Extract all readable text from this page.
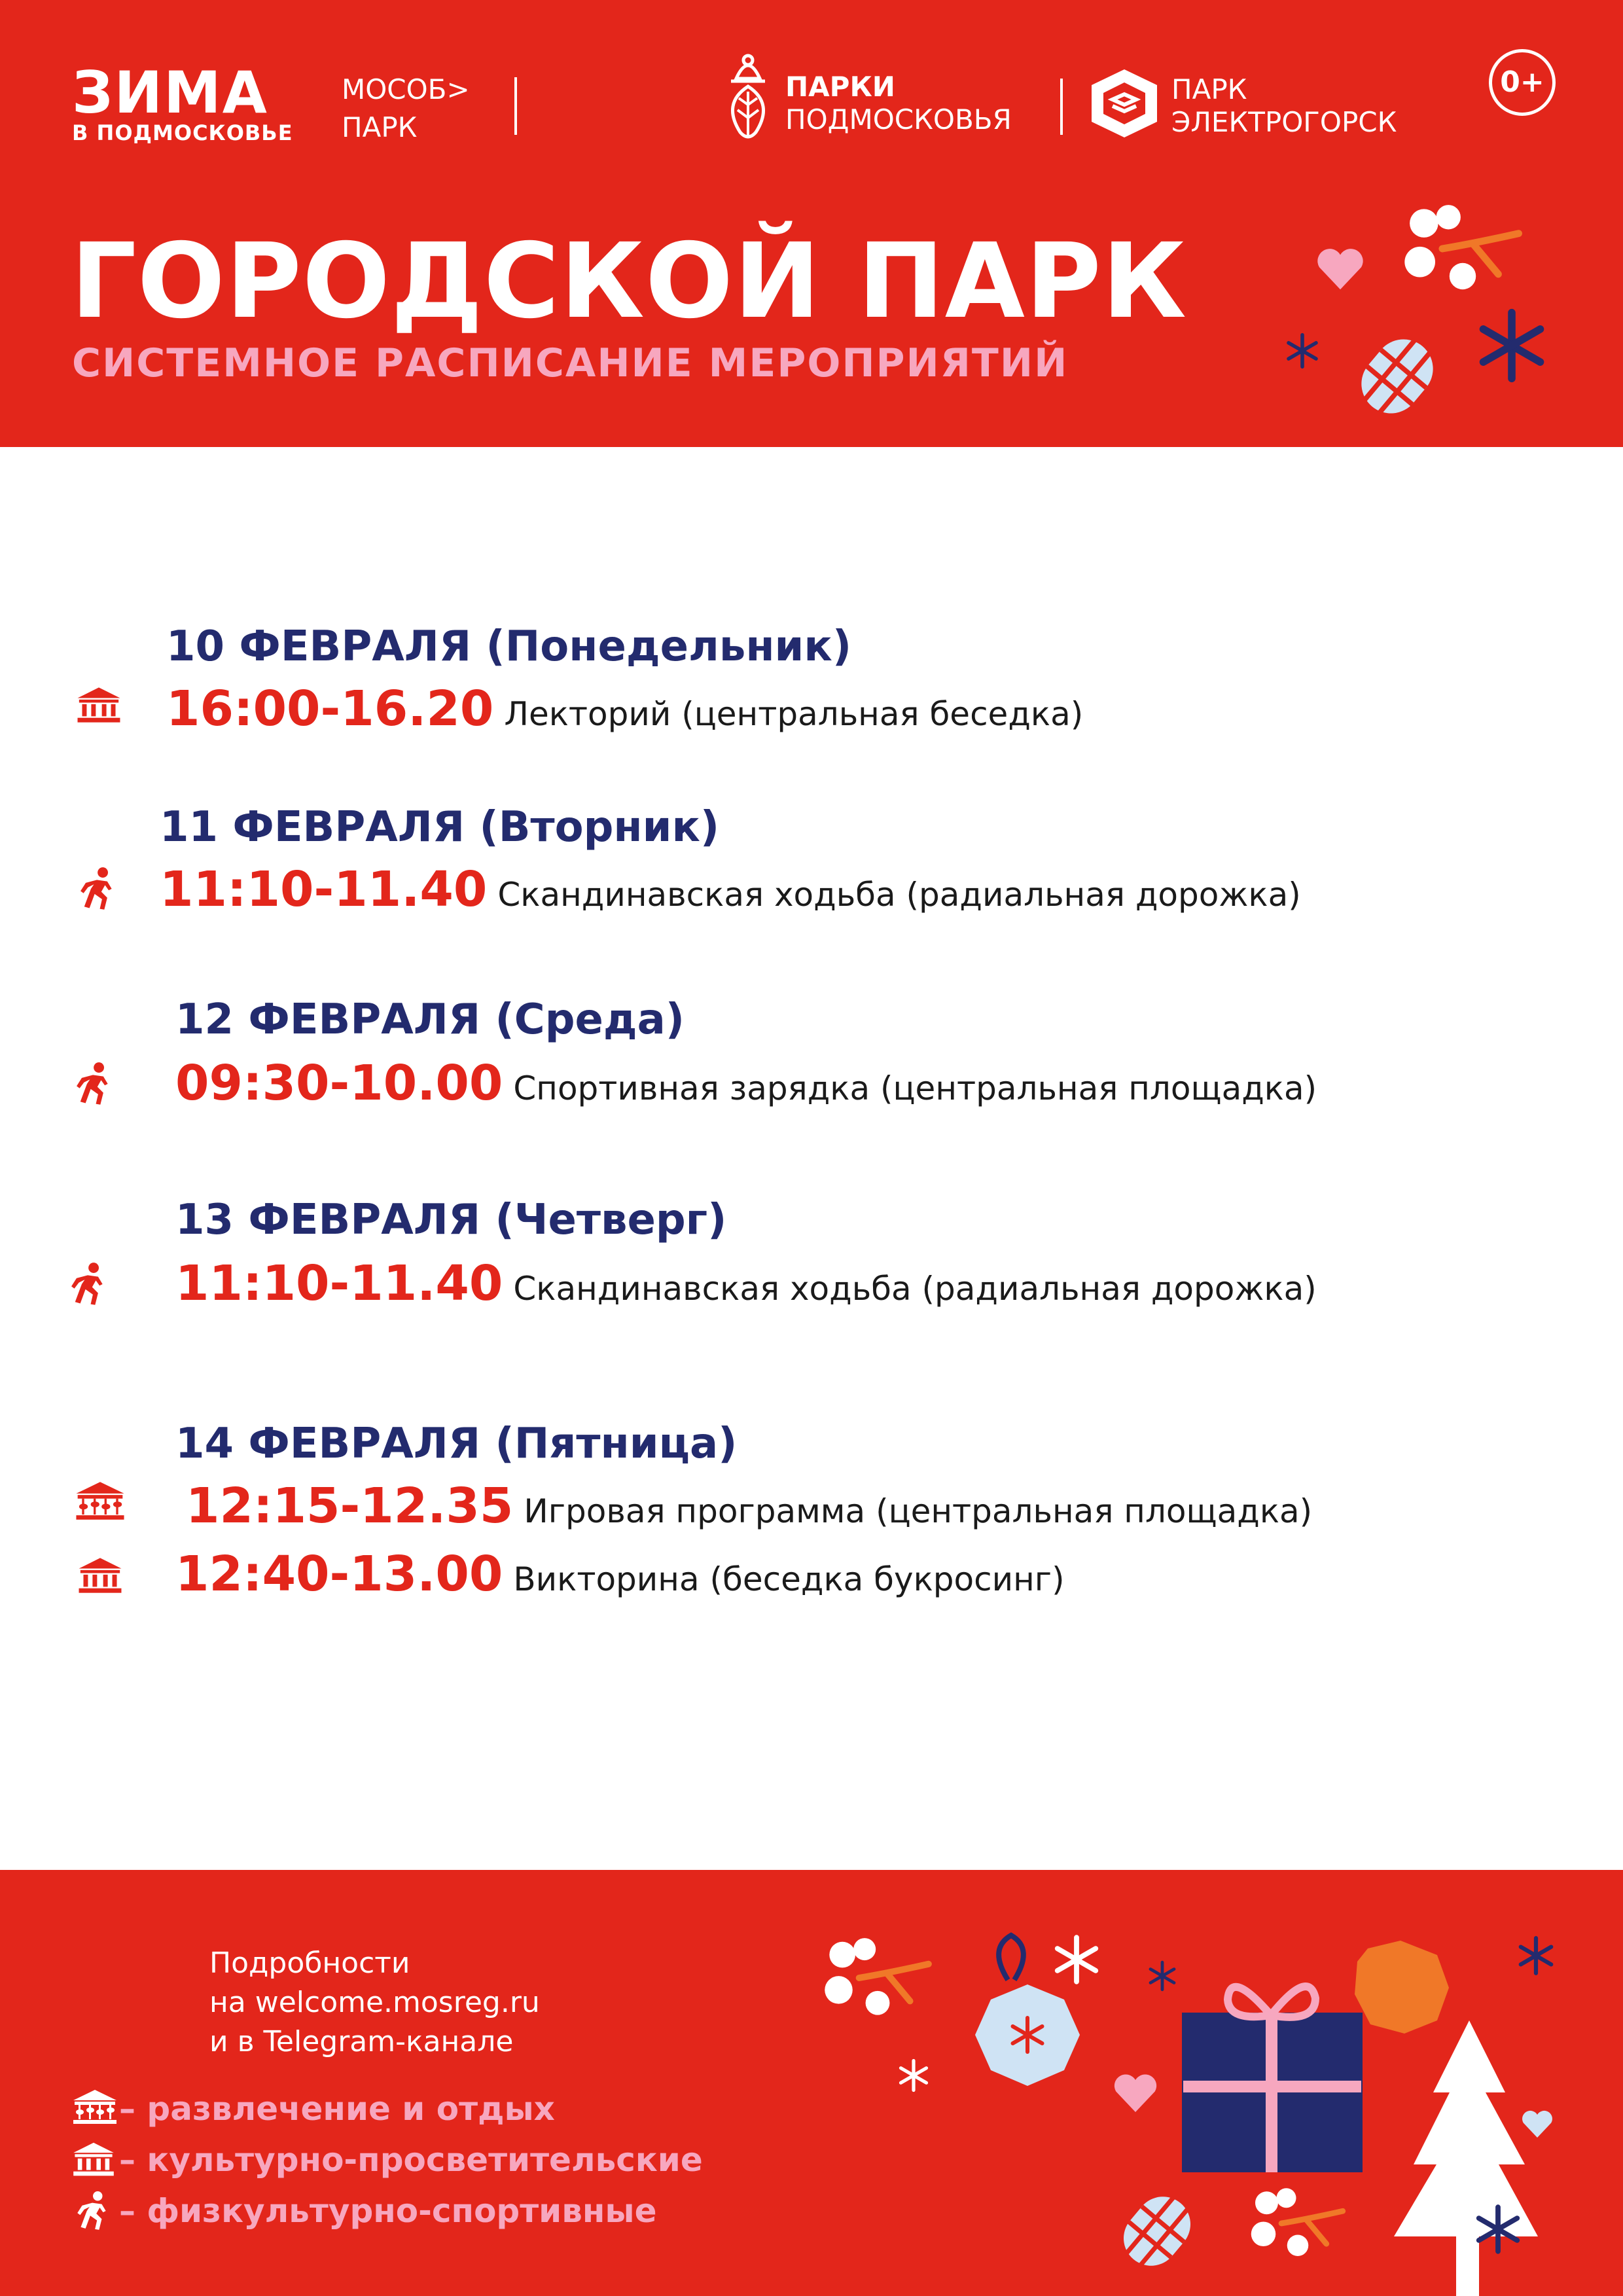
ЗИМА
В ПОДМОСКОВЬЕ
МОСОБ>
ПАРК
ПАРКИ
ПОДМОСКОВЬЯ
ПАРК
ЭЛЕКТРОГОРСК
0+
ГОРОДСКОЙ ПАРК
СИСТЕМНОЕ РАСПИСАНИЕ МЕРОПРИЯТИЙ
10 ФЕВРАЛЯ (Понедельник)
16:00-16.20 Лекторий (центральная беседка)
11 ФЕВРАЛЯ (Вторник)
11:10-11.40 Скандинавская ходьба (радиальная дорожка)
12 ФЕВРАЛЯ (Среда)
09:30-10.00 Спортивная зарядка (центральная площадка)
13 ФЕВРАЛЯ (Четверг)
11:10-11.40 Скандинавская ходьба (радиальная дорожка)
14 ФЕВРАЛЯ (Пятница)
12:15-12.35 Игровая программа (центральная площадка)
12:40-13.00 Викторина (беседка букросинг)
Подробности
на welcome.mosreg.ru
и в Telegram-канале
– развлечение и отдых
– культурно-просветительские
– физкультурно-спортивные
